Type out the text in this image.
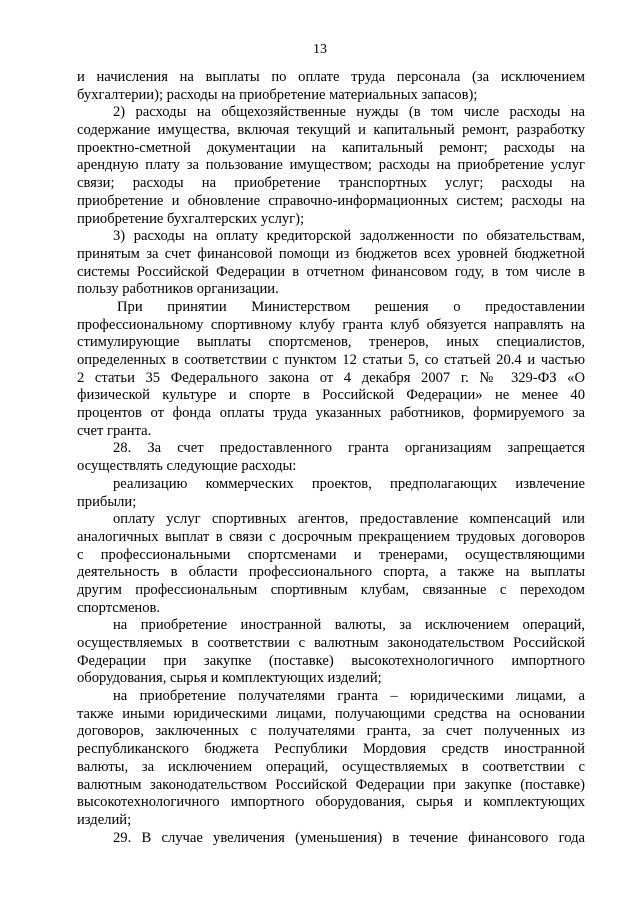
13
и начисления на выплаты по оплате труда персонала (за исключением
бухгалтерии); расходы на приобретение материальных запасов);
2) расходы на общехозяйственные нужды (в том числе расходы на
содержание имущества, включая текущий и капитальный ремонт, разработку
проектно-сметной документации на капитальный ремонт; расходы на
арендную плату за пользование имуществом; расходы на приобретение услуг
связи; расходы на приобретение транспортных услуг; расходы на
приобретение и обновление справочно-информационных систем; расходы на
приобретение бухгалтерских услуг);
3) расходы на оплату кредиторской задолженности по обязательствам,
принятым за счет финансовой помощи из бюджетов всех уровней бюджетной
системы Российской Федерации в отчетном финансовом году, в том числе в
пользу работников организации.
При принятии Министерством решения о предоставлении
профессиональному спортивному клубу гранта клуб обязуется направлять на
стимулирующие выплаты спортсменов, тренеров, иных специалистов,
определенных в соответствии с пунктом 12 статьи 5, со статьей 20.4 и частью
2 статьи 35 Федерального закона от 4 декабря 2007 г. № 329-ФЗ «О
физической культуре и спорте в Российской Федерации» не менее 40
процентов от фонда оплаты труда указанных работников, формируемого за
счет гранта.
28. За счет предоставленного гранта организациям запрещается
осуществлять следующие расходы:
реализацию коммерческих проектов, предполагающих извлечение
прибыли;
оплату услуг спортивных агентов, предоставление компенсаций или
аналогичных выплат в связи с досрочным прекращением трудовых договоров
с профессиональными спортсменами и тренерами, осуществляющими
деятельность в области профессионального спорта, а также на выплаты
другим профессиональным спортивным клубам, связанные с переходом
спортсменов.
на приобретение иностранной валюты, за исключением операций,
осуществляемых в соответствии с валютным законодательством Российской
Федерации при закупке (поставке) высокотехнологичного импортного
оборудования, сырья и комплектующих изделий;
на приобретение получателями гранта – юридическими лицами, а
также иными юридическими лицами, получающими средства на основании
договоров, заключенных с получателями гранта, за счет полученных из
республиканского бюджета Республики Мордовия средств иностранной
валюты, за исключением операций, осуществляемых в соответствии с
валютным законодательством Российской Федерации при закупке (поставке)
высокотехнологичного импортного оборудования, сырья и комплектующих
изделий;
29. В случае увеличения (уменьшения) в течение финансового года
